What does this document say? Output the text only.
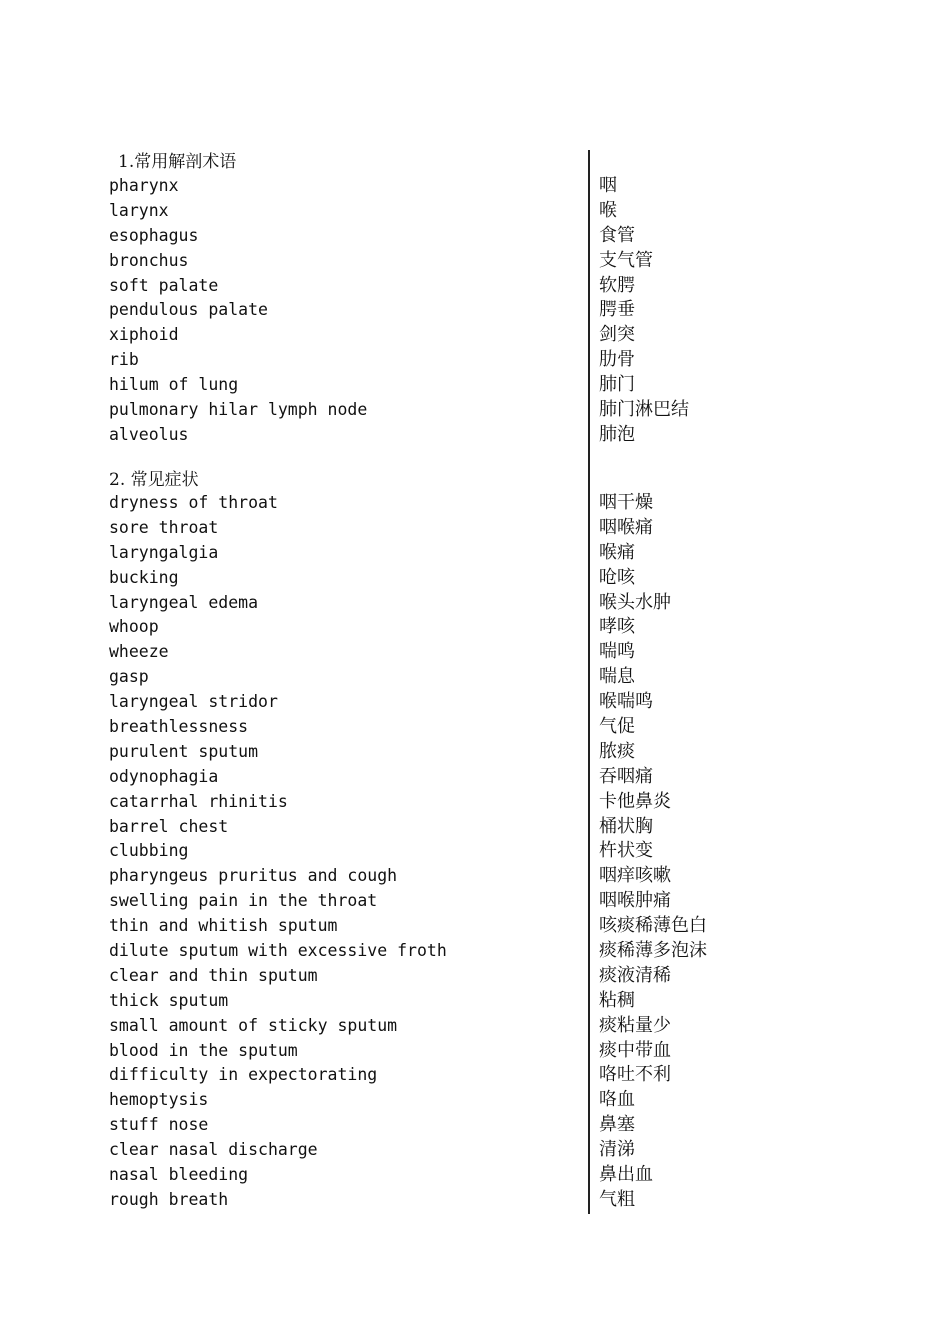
1.常用解剖术语
pharynx	咽
larynx	喉
esophagus	食管
bronchus	支气管
soft palate	软腭
pendulous palate	腭垂
xiphoid	剑突
rib	肋骨
hilum of lung	肺门
pulmonary hilar lymph node	肺门淋巴结
alveolus	肺泡
2. 常见症状
dryness of throat	咽干燥
sore throat	咽喉痛
laryngalgia	喉痛
bucking	呛咳
laryngeal edema	喉头水肿
whoop	哮咳
wheeze	喘鸣
gasp	喘息
laryngeal stridor	喉喘鸣
breathlessness	气促
purulent sputum	脓痰
odynophagia	吞咽痛
catarrhal rhinitis	卡他鼻炎
barrel chest	桶状胸
clubbing	杵状变
pharyngeus pruritus and cough	咽痒咳嗽
swelling pain in the throat	咽喉肿痛
thin and whitish sputum	咳痰稀薄色白
dilute sputum with excessive froth	痰稀薄多泡沫
clear and thin sputum	痰液清稀
thick sputum	粘稠
small amount of sticky sputum	痰粘量少
blood in the sputum	痰中带血
difficulty in expectorating	咯吐不利
hemoptysis	咯血
stuff nose	鼻塞
clear nasal discharge	清涕
nasal bleeding	鼻出血
rough breath	气粗
